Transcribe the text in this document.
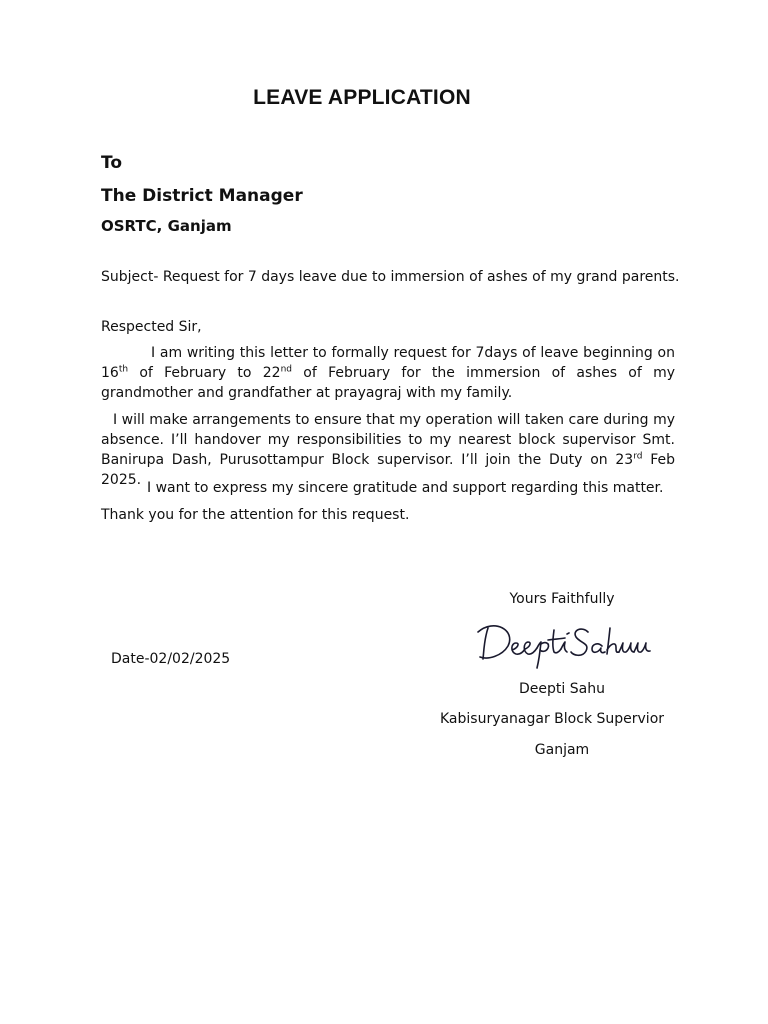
LEAVE APPLICATION
To
The District Manager
OSRTC, Ganjam
Subject- Request for 7 days leave due to immersion of ashes of my grand parents.
Respected Sir,
I am writing this letter to formally request for 7days of leave beginning on 16th of February to 22nd of February for the immersion of ashes of my grandmother and grandfather at prayagraj with my family.
I will make arrangements to ensure that my operation will taken care during my absence. I’ll handover my responsibilities to my nearest block supervisor Smt. Banirupa Dash, Purusottampur Block supervisor. I’ll join the Duty on 23rd Feb 2025. I want to express my sincere gratitude and support regarding this matter.
Thank you for the attention for this request.
Yours Faithfully
Date-02/02/2025
Deepti Sahu
Kabisuryanagar Block Supervior
Ganjam
